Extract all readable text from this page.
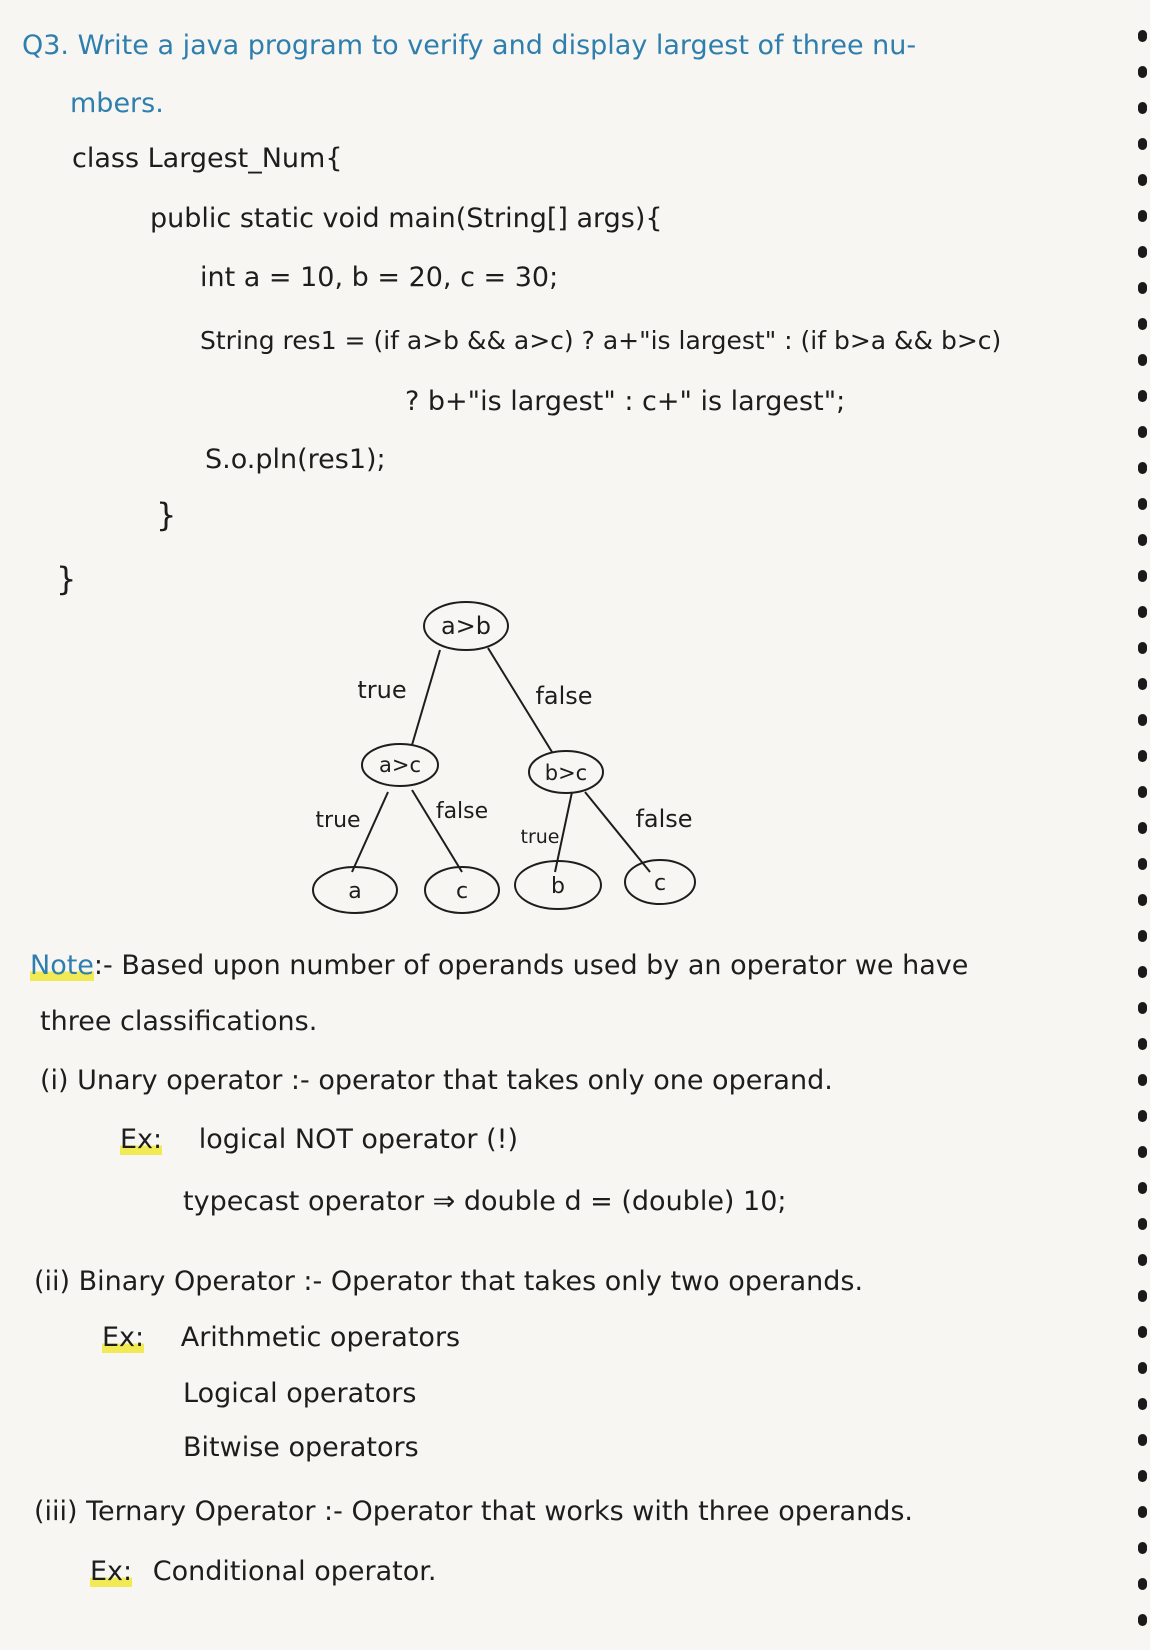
Q3. Write a java program to verify and display largest of three nu-
mbers.
class Largest_Num{
public static void main(String[] args){
int a = 10, b = 20, c = 30;
String res1 = (if a>b && a>c) ? a+"is largest" : (if b>a && b>c)
? b+"is largest" : c+" is largest";
S.o.pln(res1);
}
}
a>b
a>c	b>c
a	c	b	c
true	false
true	false
true
false
Note:- Based upon number of operands used by an operator we have
three classifications.
(i) Unary operator :- operator that takes only one operand.
Ex: logical NOT operator (!)
typecast operator ⇒ double d = (double) 10;
(ii) Binary Operator :- Operator that takes only two operands.
Ex: Arithmetic operators
Logical operators
Bitwise operators
(iii) Ternary Operator :- Operator that works with three operands.
Ex: Conditional operator.
